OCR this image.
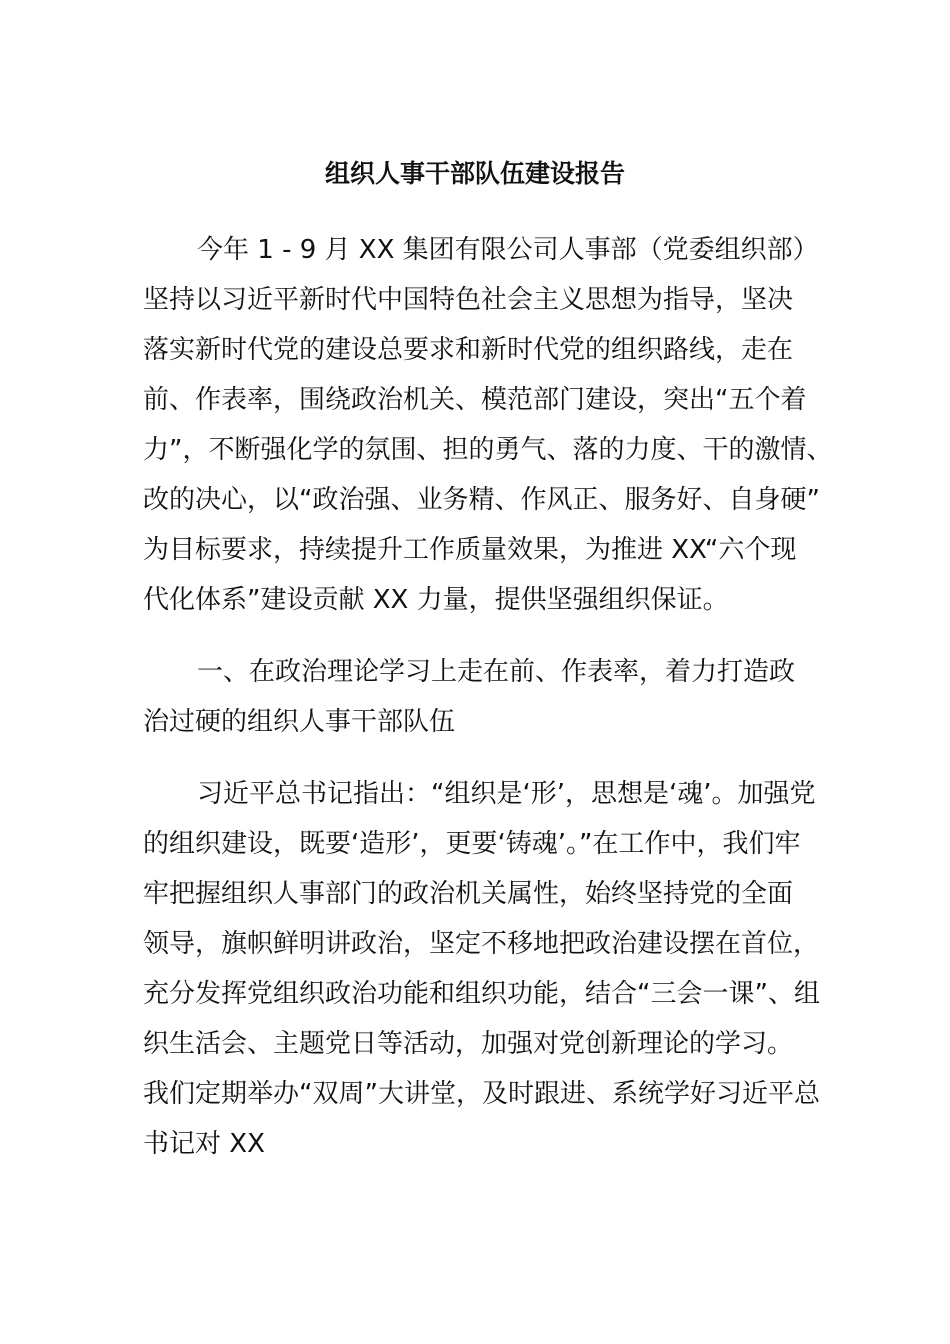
组织人事干部队伍建设报告
今年 1 - 9 月 XX 集团有限公司人事部（党委组织部）
坚持以习近平新时代中国特色社会主义思想为指导，坚决
落实新时代党的建设总要求和新时代党的组织路线，走在
前、作表率，围绕政治机关、模范部门建设，突出“五个着
力”，不断强化学的氛围、担的勇气、落的力度、干的激情、
改的决心，以“政治强、业务精、作风正、服务好、自身硬”
为目标要求，持续提升工作质量效果，为推进 XX“六个现
代化体系”建设贡献 XX 力量，提供坚强组织保证。
一、在政治理论学习上走在前、作表率，着力打造政
治过硬的组织人事干部队伍
习近平总书记指出：“组织是‘形’，思想是‘魂’。加强党
的组织建设，既要‘造形’，更要‘铸魂’。”在工作中，我们牢
牢把握组织人事部门的政治机关属性，始终坚持党的全面
领导，旗帜鲜明讲政治，坚定不移地把政治建设摆在首位，
充分发挥党组织政治功能和组织功能，结合“三会一课”、组
织生活会、主题党日等活动，加强对党创新理论的学习。
我们定期举办“双周”大讲堂，及时跟进、系统学好习近平总
书记对 XX
